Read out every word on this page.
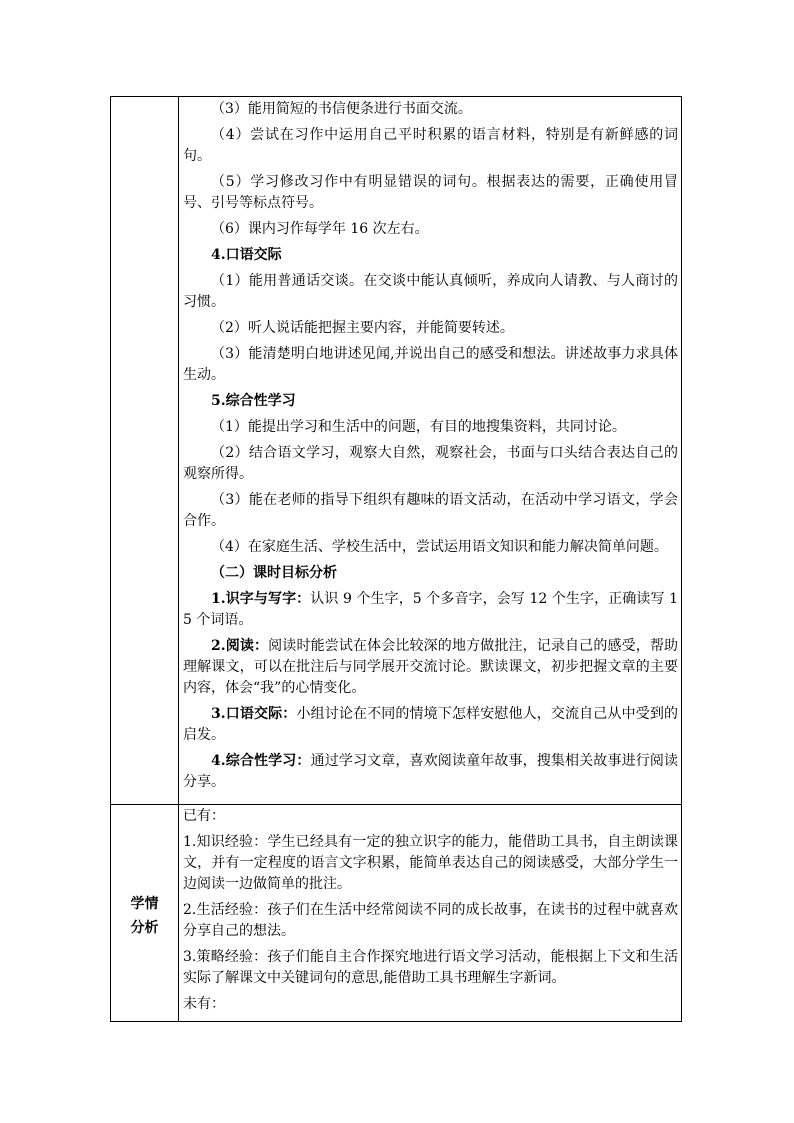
（3）能用简短的书信便条进行书面交流。

（4）尝试在习作中运用自己平时积累的语言材料，特别是有新鲜感的词句。

（5）学习修改习作中有明显错误的词句。根据表达的需要，正确使用冒号、引号等标点符号。

（6）课内习作每学年 16 次左右。

4.口语交际

（1）能用普通话交谈。在交谈中能认真倾听，养成向人请教、与人商讨的习惯。

（2）听人说话能把握主要内容，并能简要转述。

（3）能清楚明白地讲述见闻,并说出自己的感受和想法。讲述故事力求具体生动。

5.综合性学习

（1）能提出学习和生活中的问题，有目的地搜集资料，共同讨论。

（2）结合语文学习，观察大自然，观察社会，书面与口头结合表达自己的观察所得。

（3）能在老师的指导下组织有趣味的语文活动，在活动中学习语文，学会合作。

（4）在家庭生活、学校生活中，尝试运用语文知识和能力解决简单问题。

（二）课时目标分析

1.识字与写字：认识 9 个生字，5 个多音字，会写 12 个生字，正确读写 15 个词语。

2.阅读：阅读时能尝试在体会比较深的地方做批注，记录自己的感受，帮助理解课文，可以在批注后与同学展开交流讨论。默读课文，初步把握文章的主要内容，体会“我”的心情变化。

3.口语交际：小组讨论在不同的情境下怎样安慰他人，交流自己从中受到的启发。

4.综合性学习：通过学习文章，喜欢阅读童年故事，搜集相关故事进行阅读分享。

学情
分析

已有：

1.知识经验：学生已经具有一定的独立识字的能力，能借助工具书，自主朗读课文，并有一定程度的语言文字积累，能简单表达自己的阅读感受，大部分学生一边阅读一边做简单的批注。

2.生活经验：孩子们在生活中经常阅读不同的成长故事，在读书的过程中就喜欢分享自己的想法。

3.策略经验：孩子们能自主合作探究地进行语文学习活动，能根据上下文和生活实际了解课文中关键词句的意思,能借助工具书理解生字新词。

未有：
